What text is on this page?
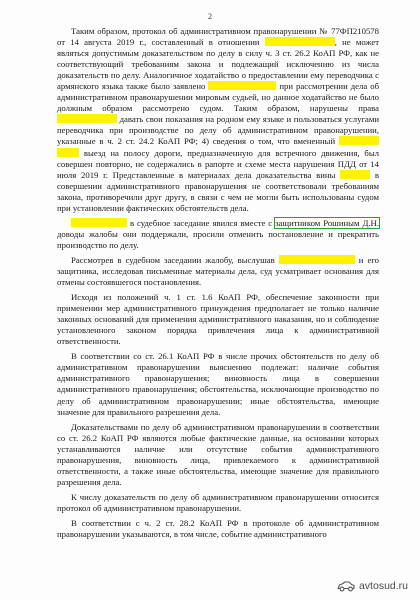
2

Таким образом, протокол об административном правонарушении № 77ФП210578 от 14 августа 2019 г., составленный в отношении	, не может являться допустимым доказательством по делу в силу ч. 3 ст. 26.2 КоАП РФ, как не соответствующий требованиям закона и подлежащий исключению из числа доказательств по делу. Аналогичное ходатайство о предоставлении ему переводчика с армянского языка также было заявлено	при рассмотрении дела об административном правонарушении мировым судьей, но данное ходатайство не было должным образом рассмотрено судом. Таким образом, нарушены права  давать свои показания на родном ему языке и пользоваться услугами переводчика при производстве по делу об административном правонарушении, указанные в ч. 2 ст. 24.2 КоАП РФ; 4) сведения о том, что вмененный   выезд на полосу дороги, предназначенную для встречного движения, был совершен повторно, не содержались в рапорте и схеме места нарушения ПДД от 14 июля 2019 г. Представленные в материалах дела доказательства вины	в совершении административного правонарушения не соответствовали требованиям закона, противоречили друг другу, в связи с чем не могли быть использованы судом при установлении фактических обстоятельств дела.

в судебное заседание явился вместе с защитником Рошиным Д.Н. доводы жалобы они поддержали, просили отменить постановление и прекратить производство по делу.

Рассмотрев в судебном заседании жалобу, выслушав	и его защитника, исследовав письменные материалы дела, суд усматривает основания для отмены состоявшегося постановления.

Исходя из положений ч. 1 ст. 1.6 КоАП РФ, обеспечение законности при применении мер административного принуждения предполагает не только наличие законных оснований для применения административного наказания, но и соблюдение установленного законом порядка привлечения лица к административной ответственности.

В соответствии со ст. 26.1 КоАП РФ в числе прочих обстоятельств по делу об административном правонарушении выяснению подлежат: наличие события административного правонарушения; виновность лица в совершении административного правонарушения; обстоятельства, исключающие производство по делу об административном правонарушении; иные обстоятельства, имеющие значение для правильного разрешения дела.

Доказательствами по делу об административном правонарушении в соответствии со ст. 26.2 КоАП РФ являются любые фактические данные, на основании которых устанавливаются наличие или отсутствие события административного правонарушения, виновность лица, привлекаемого к административной ответственности, а также иные обстоятельства, имеющие значение для правильного разрешения дела.

К числу доказательств по делу об административном правонарушении относится протокол об административном правонарушении.

В соответствии с ч. 2 ст. 28.2 КоАП РФ в протоколе об административном правонарушении указываются, в том числе, событие административного

avtosud.ru
